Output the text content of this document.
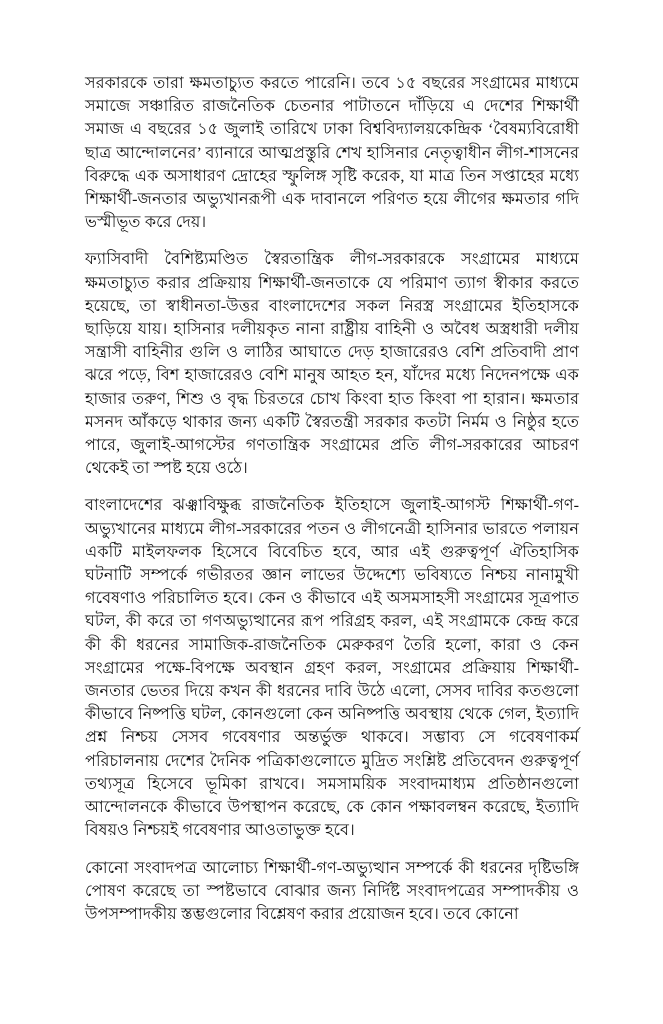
সরকারকে তারা ক্ষমতাচ্যুত করতে পারেনি। তবে ১৫ বছরের সংগ্রামের মাধ্যমে সমাজে সঞ্চারিত রাজনৈতিক চেতনার পাটাতনে দাঁড়িয়ে এ দেশের শিক্ষার্থী সমাজ এ বছরের ১৫ জুলাই তারিখে ঢাকা বিশ্ববিদ্যালয়কেন্দ্রিক ‘বৈষম্যবিরোধী ছাত্র আন্দোলনের’ ব্যানারে আত্মপ্রস্তুরি শেখ হাসিনার নেতৃত্বাধীন লীগ-শাসনের বিরুদ্ধে এক অসাধারণ দ্রোহের স্ফুলিঙ্গ সৃষ্টি করেক, যা মাত্র তিন সপ্তাহের মধ্যে শিক্ষার্থী-জনতার অভ্যুখানরূপী এক দাবানলে পরিণত হয়ে লীগের ক্ষমতার গদি ভস্মীভূত করে দেয়।

ফ্যাসিবাদী বৈশিষ্ট্যমণ্ডিত স্বৈরতান্ত্রিক লীগ-সরকারকে সংগ্রামের মাধ্যমে ক্ষমতাচ্যুত করার প্রক্রিয়ায় শিক্ষার্থী-জনতাকে যে পরিমাণ ত্যাগ স্বীকার করতে হয়েছে, তা স্বাধীনতা-উত্তর বাংলাদেশের সকল নিরস্ত্র সংগ্রামের ইতিহাসকে ছাড়িয়ে যায়। হাসিনার দলীয়কৃত নানা রাষ্ট্রীয় বাহিনী ও অবৈধ অস্ত্রধারী দলীয় সন্ত্রাসী বাহিনীর গুলি ও লাঠির আঘাতে দেড় হাজারেরও বেশি প্রতিবাদী প্রাণ ঝরে পড়ে, বিশ হাজারেরও বেশি মানুষ আহত হন, যাঁদের মধ্যে নিদেনপক্ষে এক হাজার তরুণ, শিশু ও বৃদ্ধ চিরতরে চোখ কিংবা হাত কিংবা পা হারান। ক্ষমতার মসনদ আঁকড়ে থাকার জন্য একটি স্বৈরতন্ত্রী সরকার কতটা নির্মম ও নিষ্ঠুর হতে পারে, জুলাই-আগস্টের গণতান্ত্রিক সংগ্রামের প্রতি লীগ-সরকারের আচরণ থেকেই তা স্পষ্ট হয়ে ওঠে।

বাংলাদেশের ঝঞ্ঝাবিক্ষুব্ধ রাজনৈতিক ইতিহাসে জুলাই-আগস্ট শিক্ষার্থী-গণ-অভ্যুখানের মাধ্যমে লীগ-সরকারের পতন ও লীগনেত্রী হাসিনার ভারতে পলায়ন একটি মাইলফলক হিসেবে বিবেচিত হবে, আর এই গুরুত্বপূর্ণ ঐতিহাসিক ঘটনাটি সম্পর্কে গভীরতর জ্ঞান লাভের উদ্দেশ্যে ভবিষ্যতে নিশ্চয় নানামুখী গবেষণাও পরিচালিত হবে। কেন ও কীভাবে এই অসমসাহসী সংগ্রামের সূত্রপাত ঘটল, কী করে তা গণঅভ্যুত্থানের রূপ পরিগ্রহ করল, এই সংগ্রামকে কেন্দ্র করে কী কী ধরনের সামাজিক-রাজনৈতিক মেরুকরণ তৈরি হলো, কারা ও কেন সংগ্রামের পক্ষে-বিপক্ষে অবস্থান গ্রহণ করল, সংগ্রামের প্রক্রিয়ায় শিক্ষার্থী-জনতার ভেতর দিয়ে কখন কী ধরনের দাবি উঠে এলো, সেসব দাবির কতগুলো কীভাবে নিষ্পত্তি ঘটল, কোনগুলো কেন অনিষ্পত্তি অবস্থায় থেকে গেল, ইত্যাদি প্রশ্ন নিশ্চয় সেসব গবেষণার অন্তর্ভুক্ত থাকবে। সম্ভাব্য সে গবেষণাকর্ম পরিচালনায় দেশের দৈনিক পত্রিকাগুলোতে মুদ্রিত সংশ্লিষ্ট প্রতিবেদন গুরুত্বপূর্ণ তথ্যসূত্র হিসেবে ভূমিকা রাখবে। সমসাময়িক সংবাদমাধ্যম প্রতিষ্ঠানগুলো আন্দোলনকে কীভাবে উপস্থাপন করেছে, কে কোন পক্ষাবলম্বন করেছে, ইত্যাদি বিষয়ও নিশ্চয়ই গবেষণার আওতাভুক্ত হবে।

কোনো সংবাদপত্র আলোচ্য শিক্ষার্থী-গণ-অভ্যুত্থান সম্পর্কে কী ধরনের দৃষ্টিভঙ্গি পোষণ করেছে তা স্পষ্টভাবে বোঝার জন্য নির্দিষ্ট সংবাদপত্রের সম্পাদকীয় ও উপসম্পাদকীয় স্তম্ভগুলোর বিশ্লেষণ করার প্রয়োজন হবে। তবে কোনো
